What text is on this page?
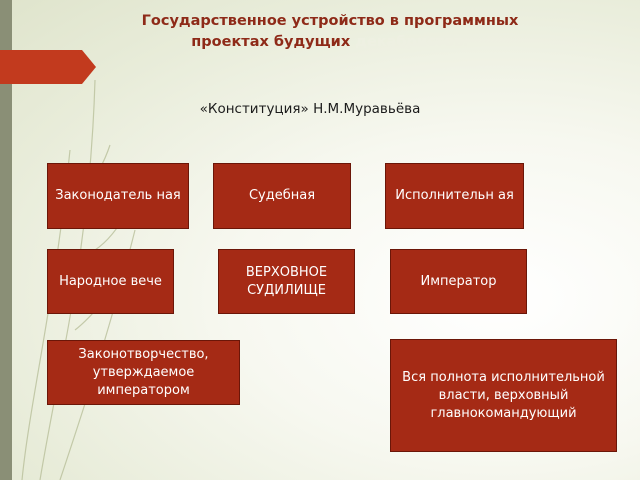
Государственное устройство в программных
проектах будущих декабристов.
«Конституция» Н.М.Муравьёва
Законодатель ная	Судебная	Исполнительн ая
Народное вече
ВЕРХОВНОЕ СУДИЛИЩЕ
Император
Законотворчество, утверждаемое императором
Вся полнота исполнительной власти, верховный главнокомандующий
